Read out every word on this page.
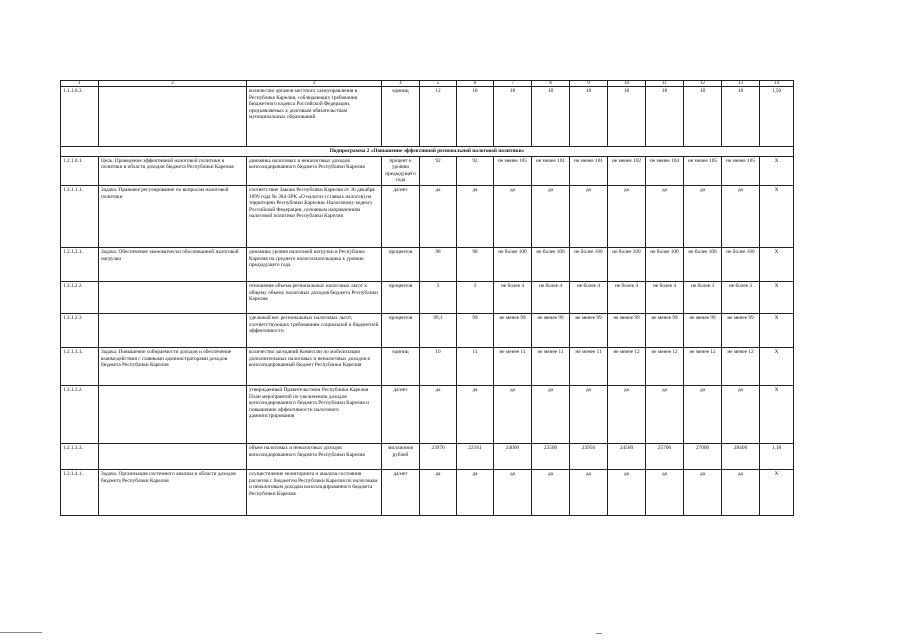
1	2	3	4	5	6	7	8	9	10	11	12	13	14
1.1.1.6.3.		количество органов местного самоуправления в Республике Карелия, соблюдающих требования Бюджетного кодекса Российской Федерации, предъявляемых к долговым обязательствам муниципальных образований	единиц	12	18	18	18	18	18	18	18	18	1,50
Подпрограмма 2 «Повышение эффективной региональной налоговой политики»													
1.2.1.0.1.	Цель. Проведение эффективной налоговой политики в политики в области доходов бюджета Республики Карелия	динамика налоговых и неналоговых доходов консолидированного бюджета Республики Карелия	процент к уровню предыдущего года	92	92	не менее 105	не менее 101	не менее 101	не менее 102	не менее 104	не менее 105	не менее 105	Х
1.2.1.1.1.	Задача. Правовое регулирование по вопросам налоговой политики	соответствие Закона Республики Карелия от 30 декабря 1999 года № 384-ЗРК «О налогах (ставках налогов) на территории Республики Карелия» Налоговому кодексу Российской Федерации, основным направлениям налоговой политики Республики Карелия	да/нет	да	да	да	да	да	да	да	да	да	Х
1.2.1.2.1.	Задача. Обеспечение экономически обоснованной налоговой нагрузки	динамика уровня налоговой нагрузки в Республике Карелия на среднего налогоплательщика к уровню предыдущего года	процентов	98	98	не более 100	не более 100	не более 100	не более 100	не более 100	не более 100	не более 100	Х
1.2.1.2.2.		отношение объема региональных налоговых льгот к общему объему налоговых доходов бюджета Республики Карелия	процентов	3	3	не более 4	не более 4	не более 4	не более 4	не более 4	не более 3	не более 3	Х
1.2.1.2.3		удельный вес региональных налоговых льгот, соответствующих требованиям социальной и бюджетной эффективности	процентов	99,1	99	не менее 99	не менее 99	не менее 99	не менее 99	не менее 99	не менее 99	не менее 99	Х
1.2.1.3.1.	Задача. Повышение собираемости доходов и обеспечение взаимодействия с главными администраторами доходов бюджета Республики Карелия	количество заседаний Комиссии по мобилизации дополнительных налоговых и неналоговых доходов в консолидированный бюджет Республики Карелия	единиц	10	11	не менее 11	не менее 11	не менее 11	не менее 12	не менее 12	не менее 12	не менее 12	Х
1.2.1.3.2.		утвержденный Правительством Республики Карелия План мероприятий по увеличению доходов консолидированного бюджета Республики Карелия и повышению эффективности налогового администрирования	да/нет	да	да	да	да	да	да	да	да	да	Х
1.2.1.3.3.		объем налоговых и неналоговых доходов консолидированного бюджета Республики Карелия	миллионов рублей	23976	22161	24000	23500	23950	24500	25700	27000	28400	1,18
1.2.1.4.1.	Задача. Организация системного анализа в области доходов бюджета Республики Карелия	осуществление мониторинга и анализа состояния расчетов с бюджетом Республики Карелия по налоговым и неналоговым доходам консолидированного бюджета Республики Карелия	да/нет	да	да	да	да	да	да	да	да	да	Х
